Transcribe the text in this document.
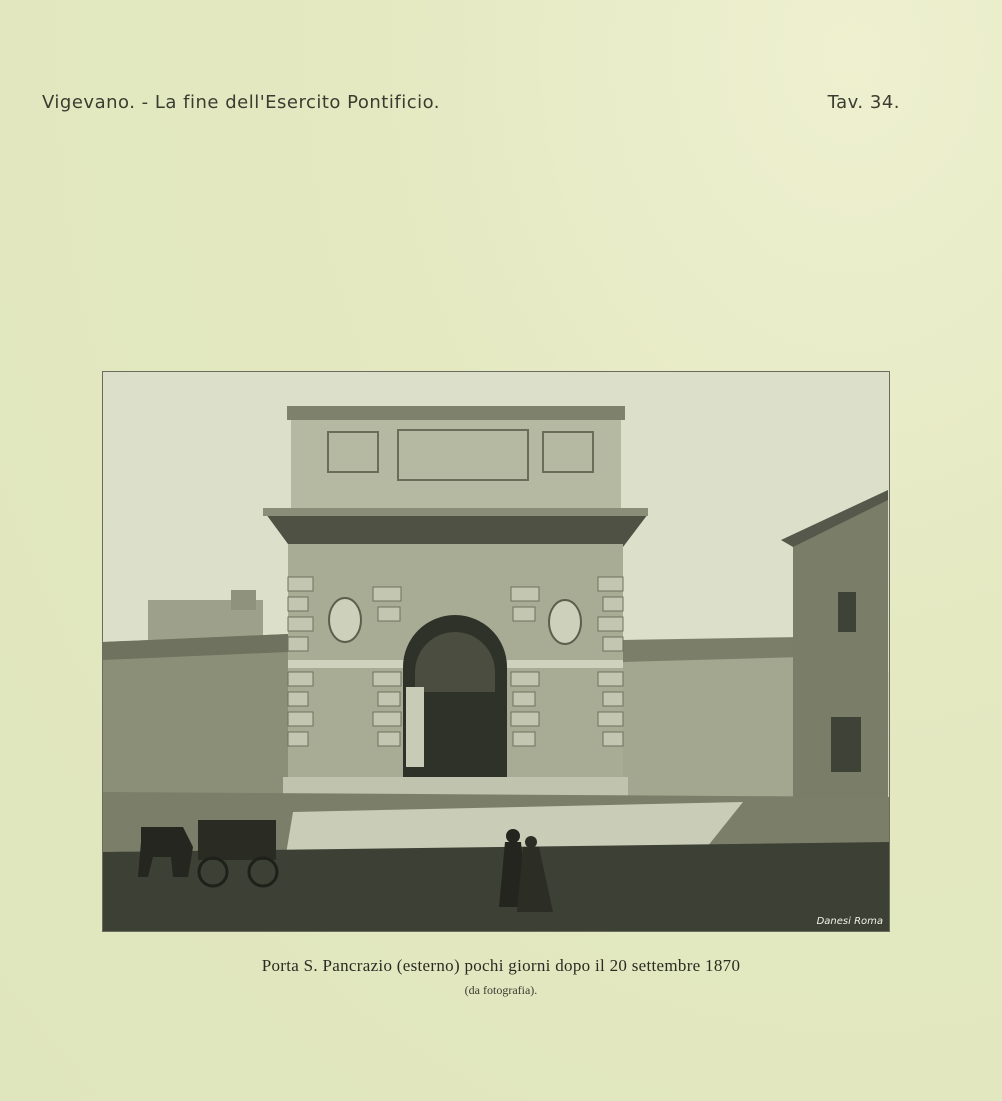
Vigevano. - La fine dell'Esercito Pontificio.	Tav. 34.
Danesi Roma
Porta S. Pancrazio (esterno) pochi giorni dopo il 20 settembre 1870
(da fotografia).
